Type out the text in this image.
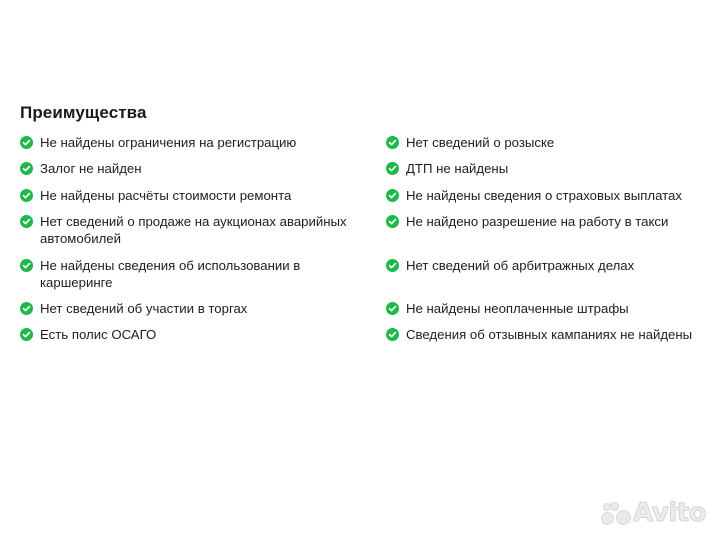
Преимущества
Не найдены ограничения на регистрацию
Залог не найден
Не найдены расчёты стоимости ремонта
Нет сведений о продаже на аукционах аварийных автомобилей
Не найдены сведения об использовании в каршеринге
Нет сведений об участии в торгах
Есть полис ОСАГО
Нет сведений о розыске
ДТП не найдены
Не найдены сведения о страховых выплатах
Не найдено разрешение на работу в такси
Нет сведений об арбитражных делах
Не найдены неоплаченные штрафы
Сведения об отзывных кампаниях не найдены
Avito
